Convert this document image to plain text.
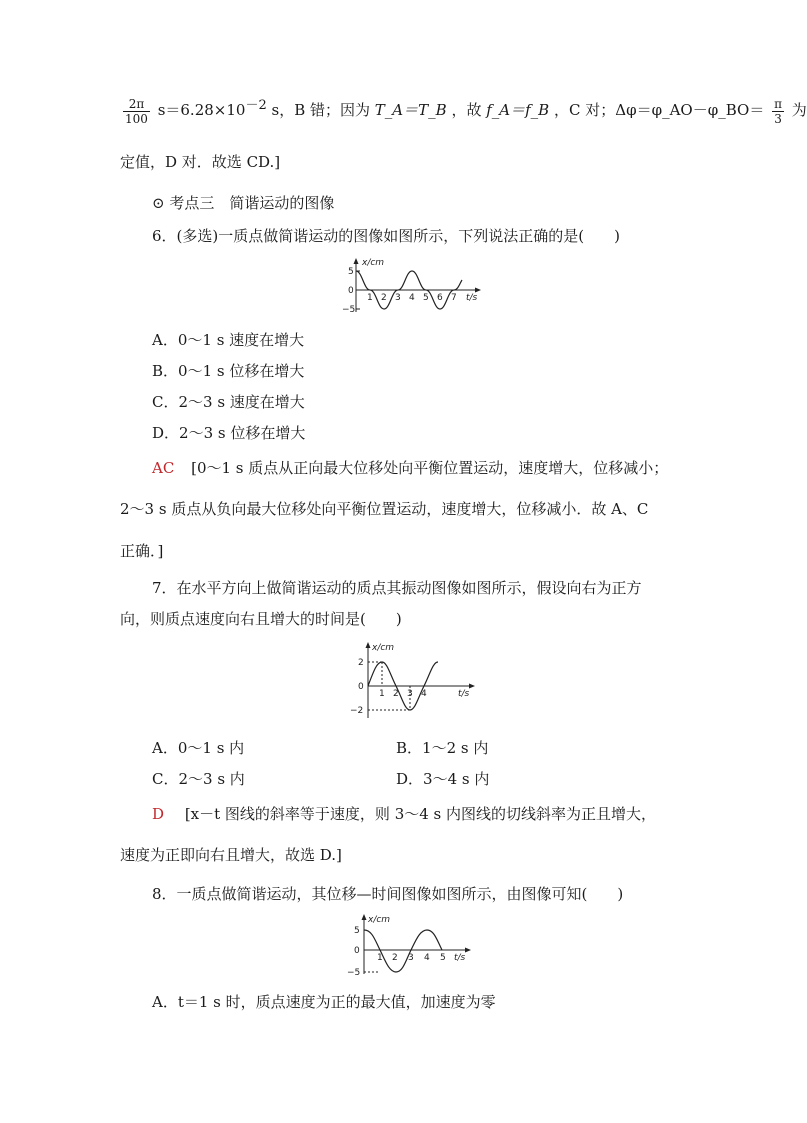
$\frac{2\pi}{100} s=6.28\times 10^{-2}$ s，B 错；因为 T_A＝T_B ，故 f_A＝f_B ，C 对；Δφ＝φ_AO－φ_BO＝ $\frac{\pi}{3}$ 为
定值，D 对．故选 CD.]
⊙ 考点三　简谐运动的图像
6．(多选)一质点做简谐运动的图像如图所示，下列说法正确的是(　　)
x/cm
5
0
−5
1 2 3 4 5 6 7 t/s
A．0～1 s 速度在增大
B．0～1 s 位移在增大
C．2～3 s 速度在增大
D．2～3 s 位移在增大
AC [0～1 s 质点从正向最大位移处向平衡位置运动，速度增大，位移减小；
2～3 s 质点从负向最大位移处向平衡位置运动，速度增大，位移减小．故 A、C
正确．]
7．在水平方向上做简谐运动的质点其振动图像如图所示，假设向右为正方
向，则质点速度向右且增大的时间是(　　)
x/cm
2
0
−2
1 2 3 4	t/s
A．0～1 s 内	B．1～2 s 内
C．2～3 s 内	D．3～4 s 内
D [x－t 图线的斜率等于速度，则 3～4 s 内图线的切线斜率为正且增大，
速度为正即向右且增大，故选 D.]
8．一质点做简谐运动，其位移—时间图像如图所示，由图像可知(　　)
x/cm
5
0
−5
1 2 3 4 5 t/s
A．t＝1 s 时，质点速度为正的最大值，加速度为零
